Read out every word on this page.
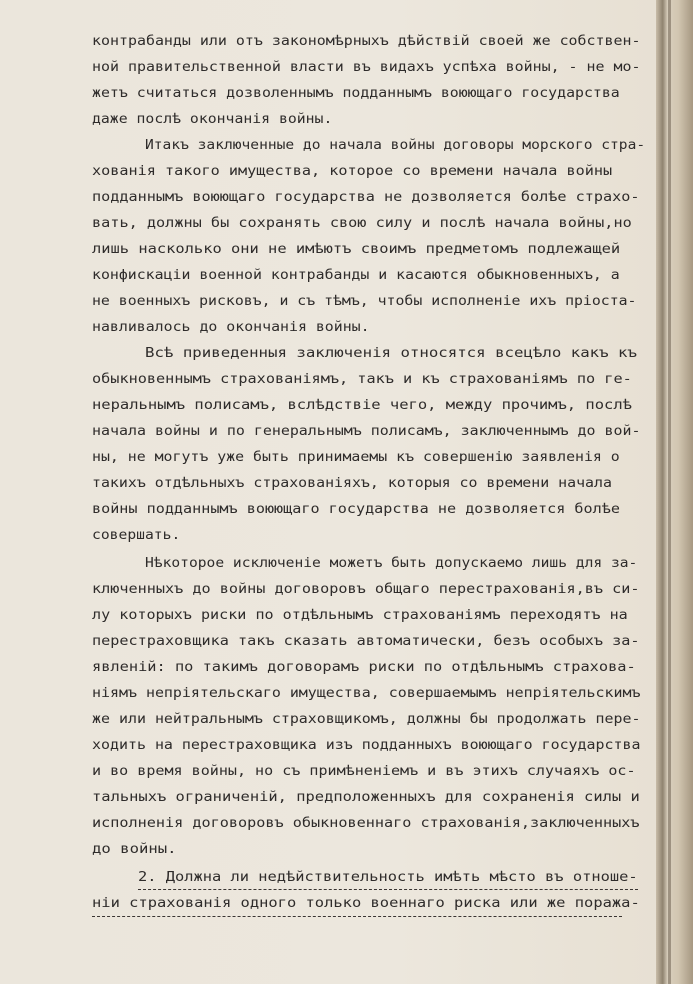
контрабанды или отъ закономѣрныхъ дѣйствій своей же собствен-
ной правительственной власти въ видахъ успѣха войны, - не мо-
жетъ считаться дозволеннымъ подданнымъ воюющаго государства
даже послѣ окончанія войны.
Итакъ заключенные до начала войны договоры морского стра-
хованія такого имущества, которое со времени начала войны
подданнымъ воюющаго государства не дозволяется болѣе страхо-
вать, должны бы сохранять свою силу и послѣ начала войны,но
лишь насколько они не имѣютъ своимъ предметомъ подлежащей
конфискаціи военной контрабанды и касаются обыкновенныхъ, а
не военныхъ рисковъ, и съ тѣмъ, чтобы исполненіе ихъ пріоста-
навливалось до окончанія войны.
Всѣ приведенныя заключенія относятся всецѣло какъ къ
обыкновеннымъ страхованіямъ, такъ и къ страхованіямъ по ге-
неральнымъ полисамъ, вслѣдствіе чего, между прочимъ, послѣ
начала войны и по генеральнымъ полисамъ, заключеннымъ до вой-
ны, не могутъ уже быть принимаемы къ совершенію заявленія о
такихъ отдѣльныхъ страхованіяхъ, которыя со времени начала
войны подданнымъ воюющаго государства не дозволяется болѣе
совершать.
Нѣкоторое исключеніе можетъ быть допускаемо лишь для за-
ключенныхъ до войны договоровъ общаго перестрахованія,въ си-
лу которыхъ риски по отдѣльнымъ страхованіямъ переходятъ на
перестраховщика такъ сказать автоматически, безъ особыхъ за-
явленій: по такимъ договорамъ риски по отдѣльнымъ страхова-
ніямъ непріятельскаго имущества, совершаемымъ непріятельскимъ
же или нейтральнымъ страховщикомъ, должны бы продолжать пере-
ходить на перестраховщика изъ подданныхъ воюющаго государства
и во время войны, но съ примѣненіемъ и въ этихъ случаяхъ ос-
тальныхъ ограниченій, предположенныхъ для сохраненія силы и
исполненія договоровъ обыкновеннаго страхованія,заключенныхъ
до войны.
2. Должна ли недѣйствительность имѣть мѣсто въ отноше-
ніи страхованія одного только военнаго риска или же поража-
